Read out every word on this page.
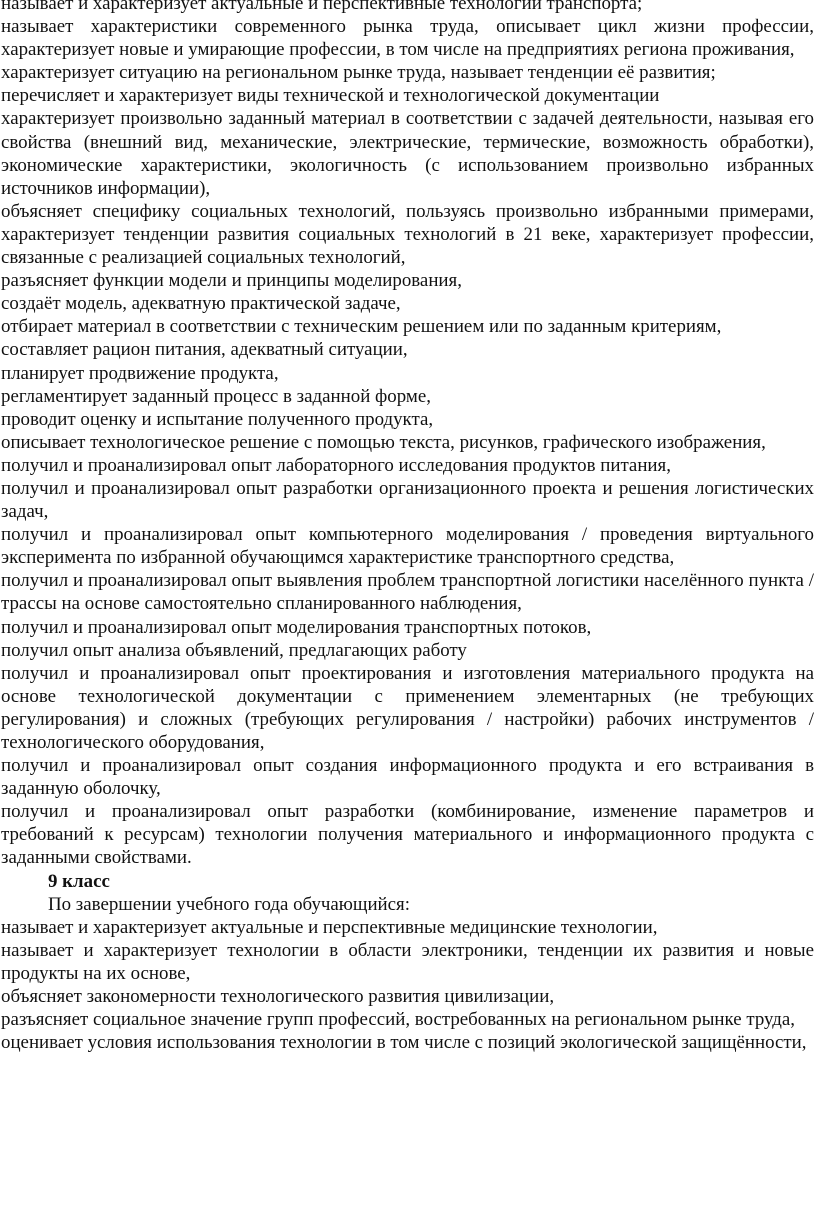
называет и характеризует актуальные и перспективные технологии транспорта;

называет характеристики современного рынка труда, описывает цикл жизни профессии, характеризует новые и умирающие профессии, в том числе на предприятиях региона проживания,

характеризует ситуацию на региональном рынке труда, называет тенденции её развития;

перечисляет и характеризует виды технической и технологической документации

характеризует произвольно заданный материал в соответствии с задачей деятельности, называя его свойства (внешний вид, механические, электрические, термические, возможность обработки), экономические характеристики, экологичность (с использованием произвольно избранных источников информации),

объясняет специфику социальных технологий, пользуясь произвольно избранными примерами, характеризует тенденции развития социальных технологий в 21 веке, характеризует профессии, связанные с реализацией социальных технологий,

разъясняет функции модели и принципы моделирования,

создаёт модель, адекватную практической задаче,

отбирает материал в соответствии с техническим решением или по заданным критериям,

составляет рацион питания, адекватный ситуации,

планирует продвижение продукта,

регламентирует заданный процесс в заданной форме,

проводит оценку и испытание полученного продукта,

описывает технологическое решение с помощью текста, рисунков, графического изображения,

получил и проанализировал опыт лабораторного исследования продуктов питания,

получил и проанализировал опыт разработки организационного проекта и решения логистических задач,

получил и проанализировал опыт компьютерного моделирования / проведения виртуального эксперимента по избранной обучающимся характеристике транспортного средства,

получил и проанализировал опыт выявления проблем транспортной логистики населённого пункта / трассы на основе самостоятельно спланированного наблюдения,

получил и проанализировал опыт моделирования транспортных потоков,

получил опыт анализа объявлений, предлагающих работу

получил и проанализировал опыт проектирования и изготовления материального продукта на основе технологической документации с применением элементарных (не требующих регулирования) и сложных (требующих регулирования / настройки) рабочих инструментов / технологического оборудования,

получил и проанализировал опыт создания информационного продукта и его встраивания в заданную оболочку,

получил и проанализировал опыт разработки (комбинирование, изменение параметров и требований к ресурсам) технологии получения материального и информационного продукта с заданными свойствами.

9 класс

По завершении учебного года обучающийся:

называет и характеризует актуальные и перспективные медицинские технологии,

называет и характеризует технологии в области электроники, тенденции их развития и новые продукты на их основе,

объясняет закономерности технологического развития цивилизации,

разъясняет социальное значение групп профессий, востребованных на региональном рынке труда,

оценивает условия использования технологии в том числе с позиций экологической защищённости,
